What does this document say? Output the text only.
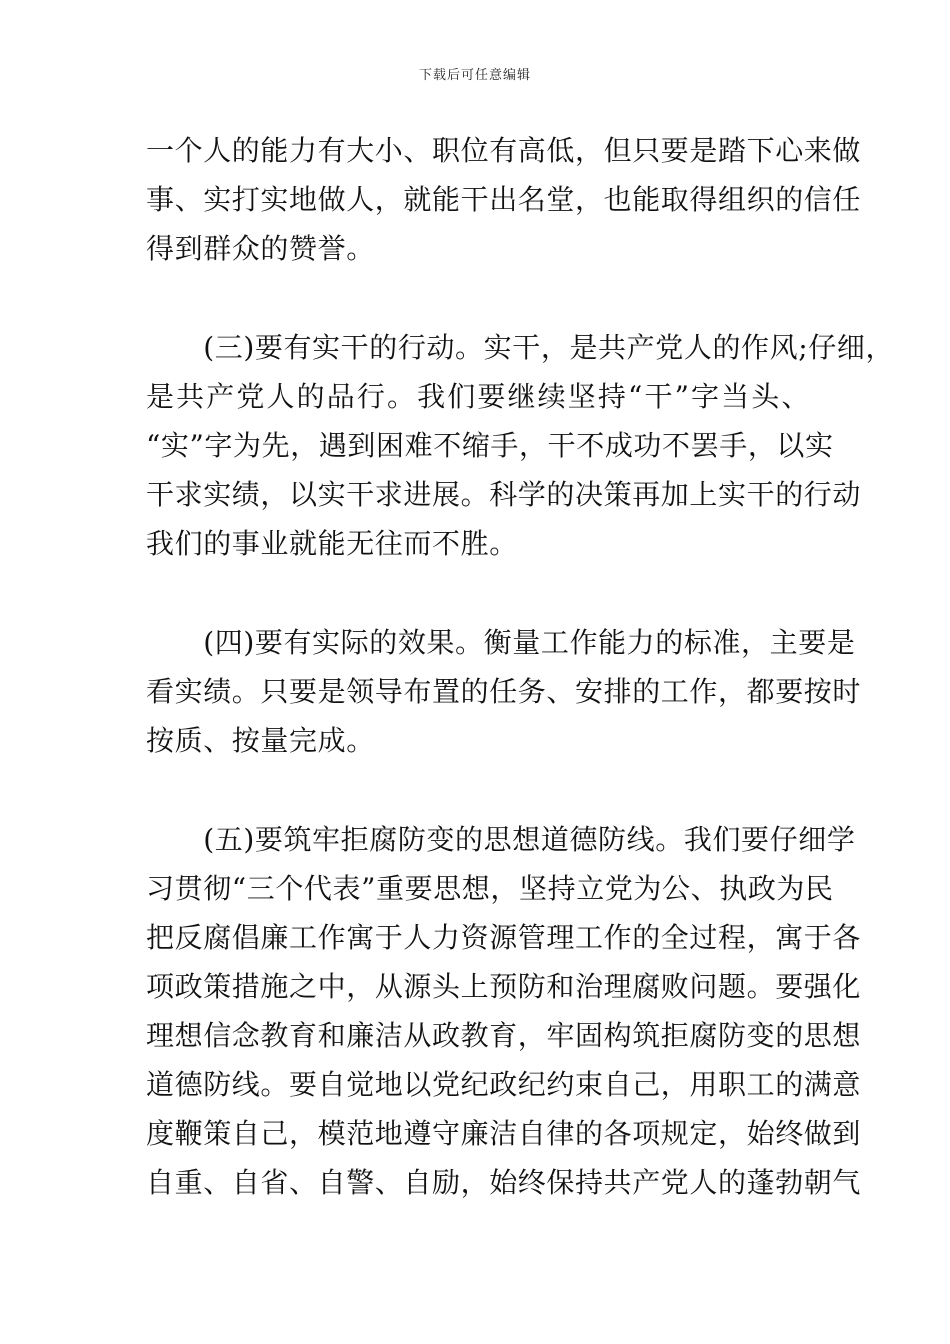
下载后可任意编辑
一个人的能力有大小、职位有高低，但只要是踏下心来做
事、实打实地做人，就能干出名堂，也能取得组织的信任
得到群众的赞誉。
　　(三)要有实干的行动。实干，是共产党人的作风;仔细，
是共产党人的品行。我们要继续坚持“干”字当头、
“实”字为先，遇到困难不缩手，干不成功不罢手，以实
干求实绩，以实干求进展。科学的决策再加上实干的行动
我们的事业就能无往而不胜。
　　(四)要有实际的效果。衡量工作能力的标准，主要是
看实绩。只要是领导布置的任务、安排的工作，都要按时
按质、按量完成。
　　(五)要筑牢拒腐防变的思想道德防线。我们要仔细学
习贯彻“三个代表”重要思想，坚持立党为公、执政为民
把反腐倡廉工作寓于人力资源管理工作的全过程，寓于各
项政策措施之中，从源头上预防和治理腐败问题。要强化
理想信念教育和廉洁从政教育，牢固构筑拒腐防变的思想
道德防线。要自觉地以党纪政纪约束自己，用职工的满意
度鞭策自己，模范地遵守廉洁自律的各项规定，始终做到
自重、自省、自警、自励，始终保持共产党人的蓬勃朝气
